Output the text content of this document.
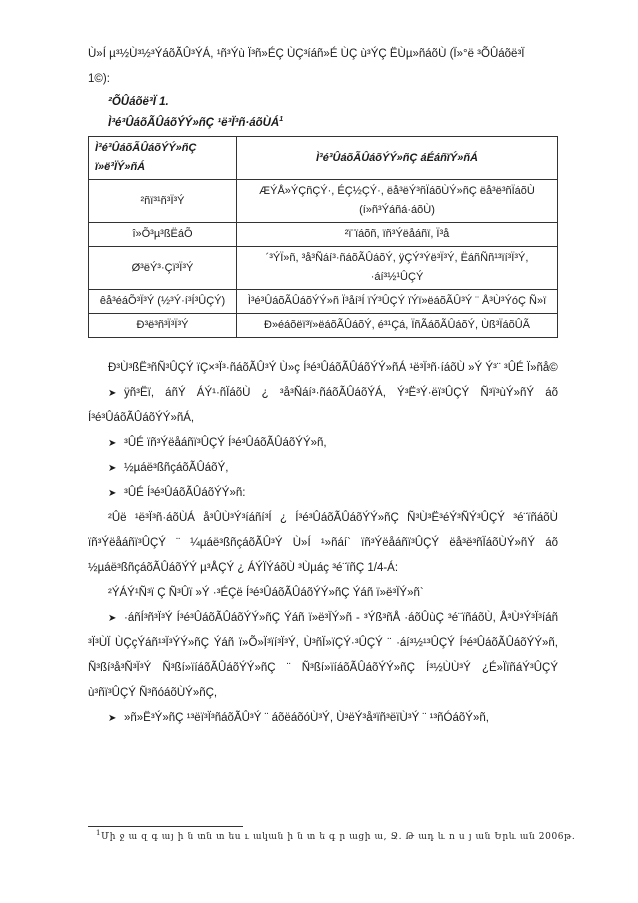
Ù»Í µ³½Ù³½³ÝáõÃÛ³ÝÁ, ¹ñ³Ýù Ï³ñ»ÉÇ ÙÇ³íáñ»É ÙÇ ù³ÝÇ ËÙµ»ñáõÙ (Ï»°ë ³ÕÛáõë³Ï
1©):

²ÕÛáõë³Ï 1.

Ì³é³ÛáõÃÛáõÝÝ»ñÇ ¹ë³Ï³ñ·áõÙÁ$^1$

Ì³é³ÛáõÃÛáõÝÝ»ñÇ ï»ë³ÏÝ»ñÁ	Ì³é³ÛáõÃÛáõÝÝ»ñÇ áÉáñïÝ»ñÁ
²ñï³¹ñ³Ï³Ý	ÆÝÅ»ÝÇñÇÝ·, ÉÇ½ÇÝ·, ëå³ëÝ³ñÏáõÙÝ»ñÇ ëå³ë³ñÏáõÙ (í»ñ³Ýáñá·áõÙ)
î»Õ³µ³ßËáÕ	²ï¨ïáõñ, ïñ³Ýëåáñï, Ï³å
Ø³ëÝ³·Çï³Ï³Ý	´³ÝÏ»ñ, ³å³Ñáí³·ñáõÃÛáõÝ, ÿÇÝ³Ýë³Ï³Ý, ËáñÑñ¹³ïí³Ï³Ý, ·áí³½¹ÛÇÝ
êå³éáÕ³Ï³Ý (½³Ý·í³Í³ÛÇÝ)	Ì³é³ÛáõÃÛáõÝÝ»ñ Ï³åí³Í ïÝ³ÛÇÝ ïÝï»ëáõÃÛ³Ý ¨ Å³Ù³ÝóÇ Ñ»ï
Ð³ë³ñ³Ï³Ï³Ý	Ð»éáõëï³ï»ëáõÃÛáõÝ, é³¹Çá, ÏñÃáõÃÛáõÝ, Ùß³ÏáõÛÃ

Ð³Ù³ßË³ñÑ³ÛÇÝ ïÇ×³Ï³·ñáõÃÛ³Ý Ù»ç Í³é³ÛáõÃÛáõÝÝ»ñÁ ¹ë³Ï³ñ·íáõÙ »Ý Ý³¨ ³ÛÉ Ï»ñå©

➤ ÿñ³Ëï, áñÝ ÁÝ¹·ñÏáõÙ ¿ ³å³Ñáí³·ñáõÃÛáõÝÁ, Ý³Ë³Ý·ëï³ÛÇÝ Ñ³ï³ùÝ»ñÝ áõ Í³é³ÛáõÃÛáõÝÝ»ñÁ,

➤ ³ÛÉ ïñ³Ýëåáñï³ÛÇÝ Í³é³ÛáõÃÛáõÝÝ»ñ,

➤ ½µáë³ßñçáõÃÛáõÝ,

➤ ³ÛÉ Í³é³ÛáõÃÛáõÝÝ»ñ:

²Ûë ¹ë³Ï³ñ·áõÙÁ å³ÛÙ³Ý³íáñí³Í ¿ Í³é³ÛáõÃÛáõÝÝ»ñÇ Ñ³Ù³Ë³éÝ³ÑÝ³ÛÇÝ ³é¨ïñáõÙ ïñ³Ýëåáñï³ÛÇÝ ¨ ¼µáë³ßñçáõÃÛ³Ý Ù»Í ¹»ñáí` ïñ³Ýëåáñï³ÛÇÝ ëå³ë³ñÏáõÙÝ»ñÝ áõ ½µáë³ßñçáõÃÛáõÝÝ µ³ÅÇÝ ¿ ÁÝÏÝáõÙ ³Ùµáç ³é¨ïñÇ 1/4-Á:

²ÝÁÝ¹Ñ³ï Ç Ñ³Ûï »Ý ·³ÉÇë Í³é³ÛáõÃÛáõÝÝ»ñÇ Ýáñ ï»ë³ÏÝ»ñ`

➤ ·áñÍ³ñ³Ï³Ý Í³é³ÛáõÃÛáõÝÝ»ñÇ Ýáñ ï»ë³ÏÝ»ñ - ³Ýß³ñÅ ·áõÛùÇ ³é¨ïñáõÙ, Å³Ù³Ý³Ï³íáñ ³Ï³ÙÏ ÙÇçÝáñ¹³Ï³ÝÝ»ñÇ Ýáñ ï»Õ»Ï³ïí³Ï³Ý, Ù³ñÏ»ïÇÝ·³ÛÇÝ ¨ ·áí³½¹³ÛÇÝ Í³é³ÛáõÃÛáõÝÝ»ñ, Ñ³ßí³å³Ñ³Ï³Ý Ñ³ßí»ïíáõÃÛáõÝÝ»ñÇ ¨ Ñ³ßí»ïíáõÃÛáõÝÝ»ñÇ Í³½ÙÙ³Ý ¿É»ÏïñáÝ³ÛÇÝ ù³ñï³ÛÇÝ Ñ³ñóáõÙÝ»ñÇ,

➤ »ñ»Ë³Ý»ñÇ ¹³ëï³Ï³ñáõÃÛ³Ý ¨ áõëáõóÙ³Ý, Ù³ëÝ³å³ïñ³ëïÙ³Ý ¨ ¹³ñÓáõÝ»ñ,

$^1$Մի ջ ա զ գ այ ի ն տն տ ես ւ ական ի ն տ ե գ ր ացի ա, Ջ. Թ ադ և ո ս յ ան Երև ան 2006թ.
